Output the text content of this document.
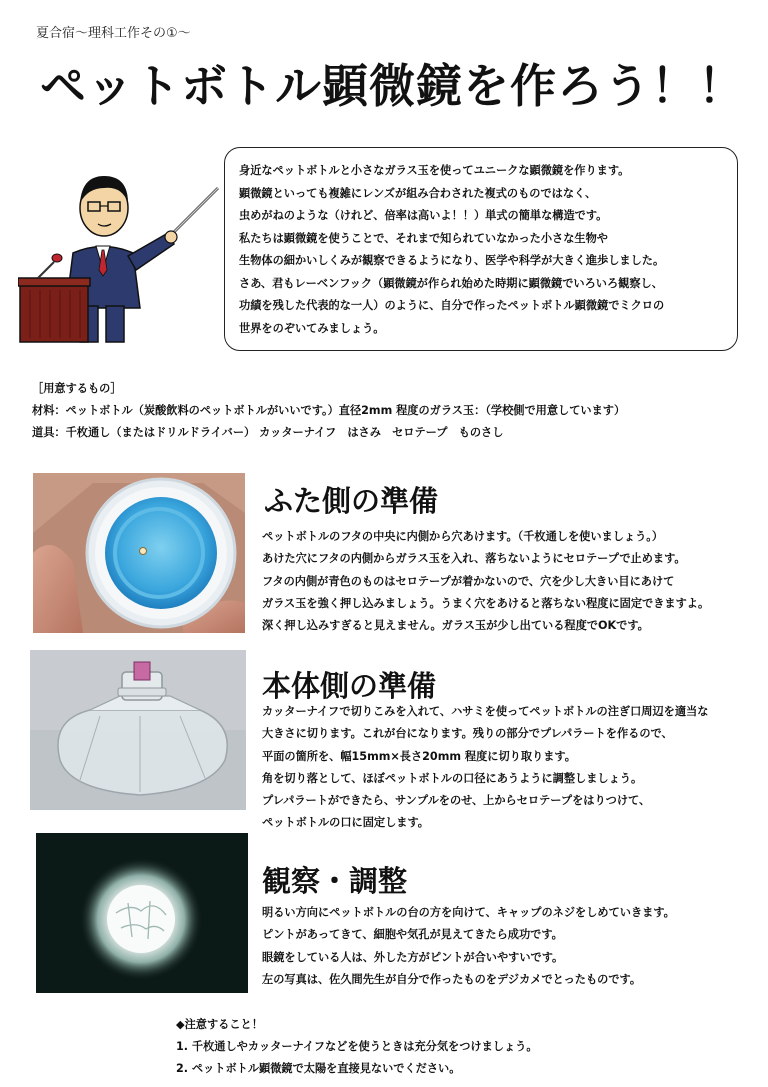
夏合宿～理科工作その①～
ペットボトル顕微鏡を作ろう！！

身近なペットボトルと小さなガラス玉を使ってユニークな顕微鏡を作ります。

顕微鏡といっても複雑にレンズが組み合わされた複式のものではなく、

虫めがねのような（けれど、倍率は高いよ！！）単式の簡単な構造です。

私たちは顕微鏡を使うことで、それまで知られていなかった小さな生物や

生物体の細かいしくみが観察できるようになり、医学や科学が大きく進歩しました。

さあ、君もレーベンフック（顕微鏡が作られ始めた時期に顕微鏡でいろいろ観察し、

功績を残した代表的な一人）のように、自分で作ったペットボトル顕微鏡でミクロの

世界をのぞいてみましょう。

［用意するもの］

材料：ペットボトル（炭酸飲料のペットボトルがいいです。）直径2mm 程度のガラス玉：（学校側で用意しています）

道具：千枚通し（またはドリルドライバー） カッターナイフ　はさみ　セロテープ　ものさし

ふた側の準備

ペットボトルのフタの中央に内側から穴あけます。（千枚通しを使いましょう。）

あけた穴にフタの内側からガラス玉を入れ、落ちないようにセロテープで止めます。

フタの内側が青色のものはセロテープが着かないので、穴を少し大きい目にあけて

ガラス玉を強く押し込みましょう。うまく穴をあけると落ちない程度に固定できますよ。

深く押し込みすぎると見えません。ガラス玉が少し出ている程度でOKです。

本体側の準備

カッターナイフで切りこみを入れて、ハサミを使ってペットボトルの注ぎ口周辺を適当な

大きさに切ります。これが台になります。残りの部分でプレパラートを作るので、

平面の箇所を、幅15mm×長さ20mm 程度に切り取ります。

角を切り落として、ほぼペットボトルの口径にあうように調整しましょう。

プレパラートができたら、サンプルをのせ、上からセロテープをはりつけて、

ペットボトルの口に固定します。

観察・調整

明るい方向にペットボトルの台の方を向けて、キャップのネジをしめていきます。

ピントがあってきて、細胞や気孔が見えてきたら成功です。

眼鏡をしている人は、外した方がピントが合いやすいです。

左の写真は、佐久間先生が自分で作ったものをデジカメでとったものです。

◆注意すること！

1. 千枚通しやカッターナイフなどを使うときは充分気をつけましょう。

2. ペットボトル顕微鏡で太陽を直接見ないでください。
